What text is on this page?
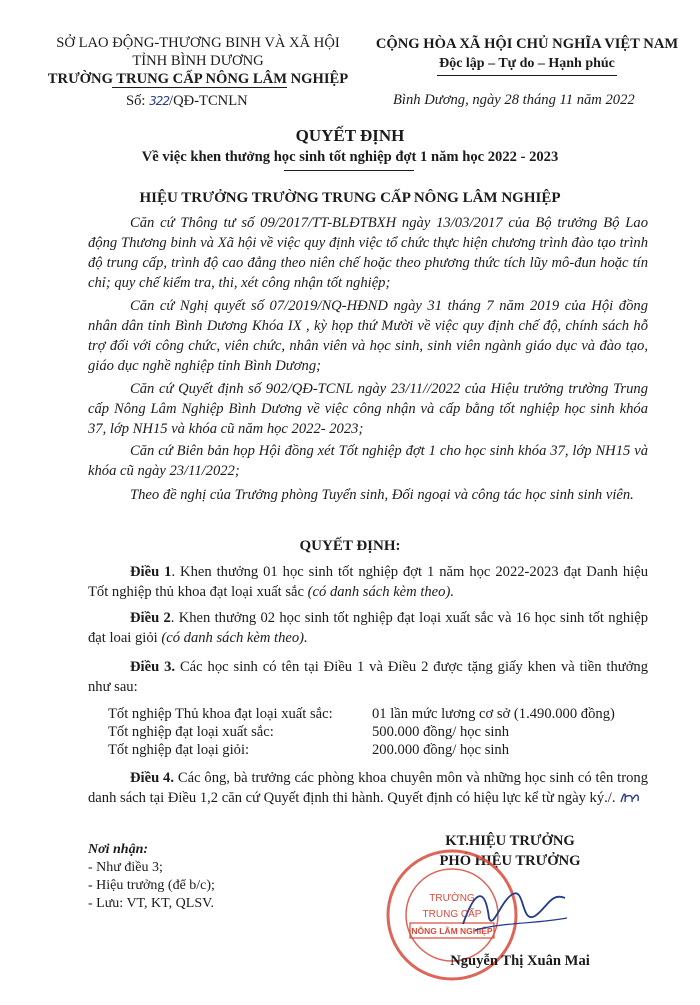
SỞ LAO ĐỘNG-THƯƠNG BINH VÀ XÃ HỘI
TỈNH BÌNH DƯƠNG
TRƯỜNG TRUNG CẤP NÔNG LÂM NGHIỆP
Số: 322/QĐ-TCNLN
CỘNG HÒA XÃ HỘI CHỦ NGHĨA VIỆT NAM
Độc lập – Tự do – Hạnh phúc
Bình Dương, ngày 28 tháng 11 năm 2022
QUYẾT ĐỊNH
Về việc khen thưởng học sinh tốt nghiệp đợt 1 năm học 2022 - 2023
HIỆU TRƯỞNG TRƯỜNG TRUNG CẤP NÔNG LÂM NGHIỆP
Căn cứ Thông tư số 09/2017/TT-BLĐTBXH ngày 13/03/2017 của Bộ trưởng Bộ Lao động Thương binh và Xã hội về việc quy định việc tổ chức thực hiện chương trình đào tạo trình độ trung cấp, trình độ cao đẳng theo niên chế hoặc theo phương thức tích lũy mô-đun hoặc tín chỉ; quy chế kiểm tra, thi, xét công nhận tốt nghiệp;
Căn cứ Nghị quyết số 07/2019/NQ-HĐND ngày 31 tháng 7 năm 2019 của Hội đồng nhân dân tỉnh Bình Dương Khóa IX , kỳ họp thứ Mười về việc quy định chế độ, chính sách hỗ trợ đối với công chức, viên chức, nhân viên và học sinh, sinh viên ngành giáo dục và đào tạo, giáo dục nghề nghiệp tỉnh Bình Dương;
Căn cứ Quyết định số 902/QĐ-TCNL ngày 23/11//2022 của Hiệu trưởng trường Trung cấp Nông Lâm Nghiệp Bình Dương về việc công nhận và cấp bằng tốt nghiệp học sinh khóa 37, lớp NH15 và khóa cũ năm học 2022- 2023;
Căn cứ Biên bản họp Hội đồng xét Tốt nghiệp đợt 1 cho học sinh khóa 37, lớp NH15 và khóa cũ ngày 23/11/2022;
Theo đề nghị của Trưởng phòng Tuyển sinh, Đối ngoại và công tác học sinh sinh viên.
QUYẾT ĐỊNH:
Điều 1. Khen thưởng 01 học sinh tốt nghiệp đợt 1 năm học 2022-2023 đạt Danh hiệu Tốt nghiệp thủ khoa đạt loại xuất sắc (có danh sách kèm theo).
Điều 2. Khen thưởng 02 học sinh tốt nghiệp đạt loại xuất sắc và 16 học sinh tốt nghiệp đạt loai giỏi (có danh sách kèm theo).
Điều 3. Các học sinh có tên tại Điều 1 và Điều 2 được tặng giấy khen và tiền thưởng như sau:
Tốt nghiệp Thủ khoa đạt loại xuất sắc:	01 lần mức lương cơ sở (1.490.000 đồng)
Tốt nghiệp đạt loại xuất sắc:	500.000 đồng/ học sinh
Tốt nghiệp đạt loại giỏi:	200.000 đồng/ học sinh
Điều 4. Các ông, bà trưởng các phòng khoa chuyên môn và những học sinh có tên trong danh sách tại Điều 1,2 căn cứ Quyết định thi hành. Quyết định có hiệu lực kể từ ngày ký./.
Nơi nhận:
- Như điều 3;
- Hiệu trưởng (để b/c);
- Lưu: VT, KT, QLSV.
KT.HIỆU TRƯỞNG
PHÓ HIỆU TRƯỞNG
TRƯỜNG
TRUNG CẤP
NÔNG LÂM NGHIỆP
Nguyễn Thị Xuân Mai
